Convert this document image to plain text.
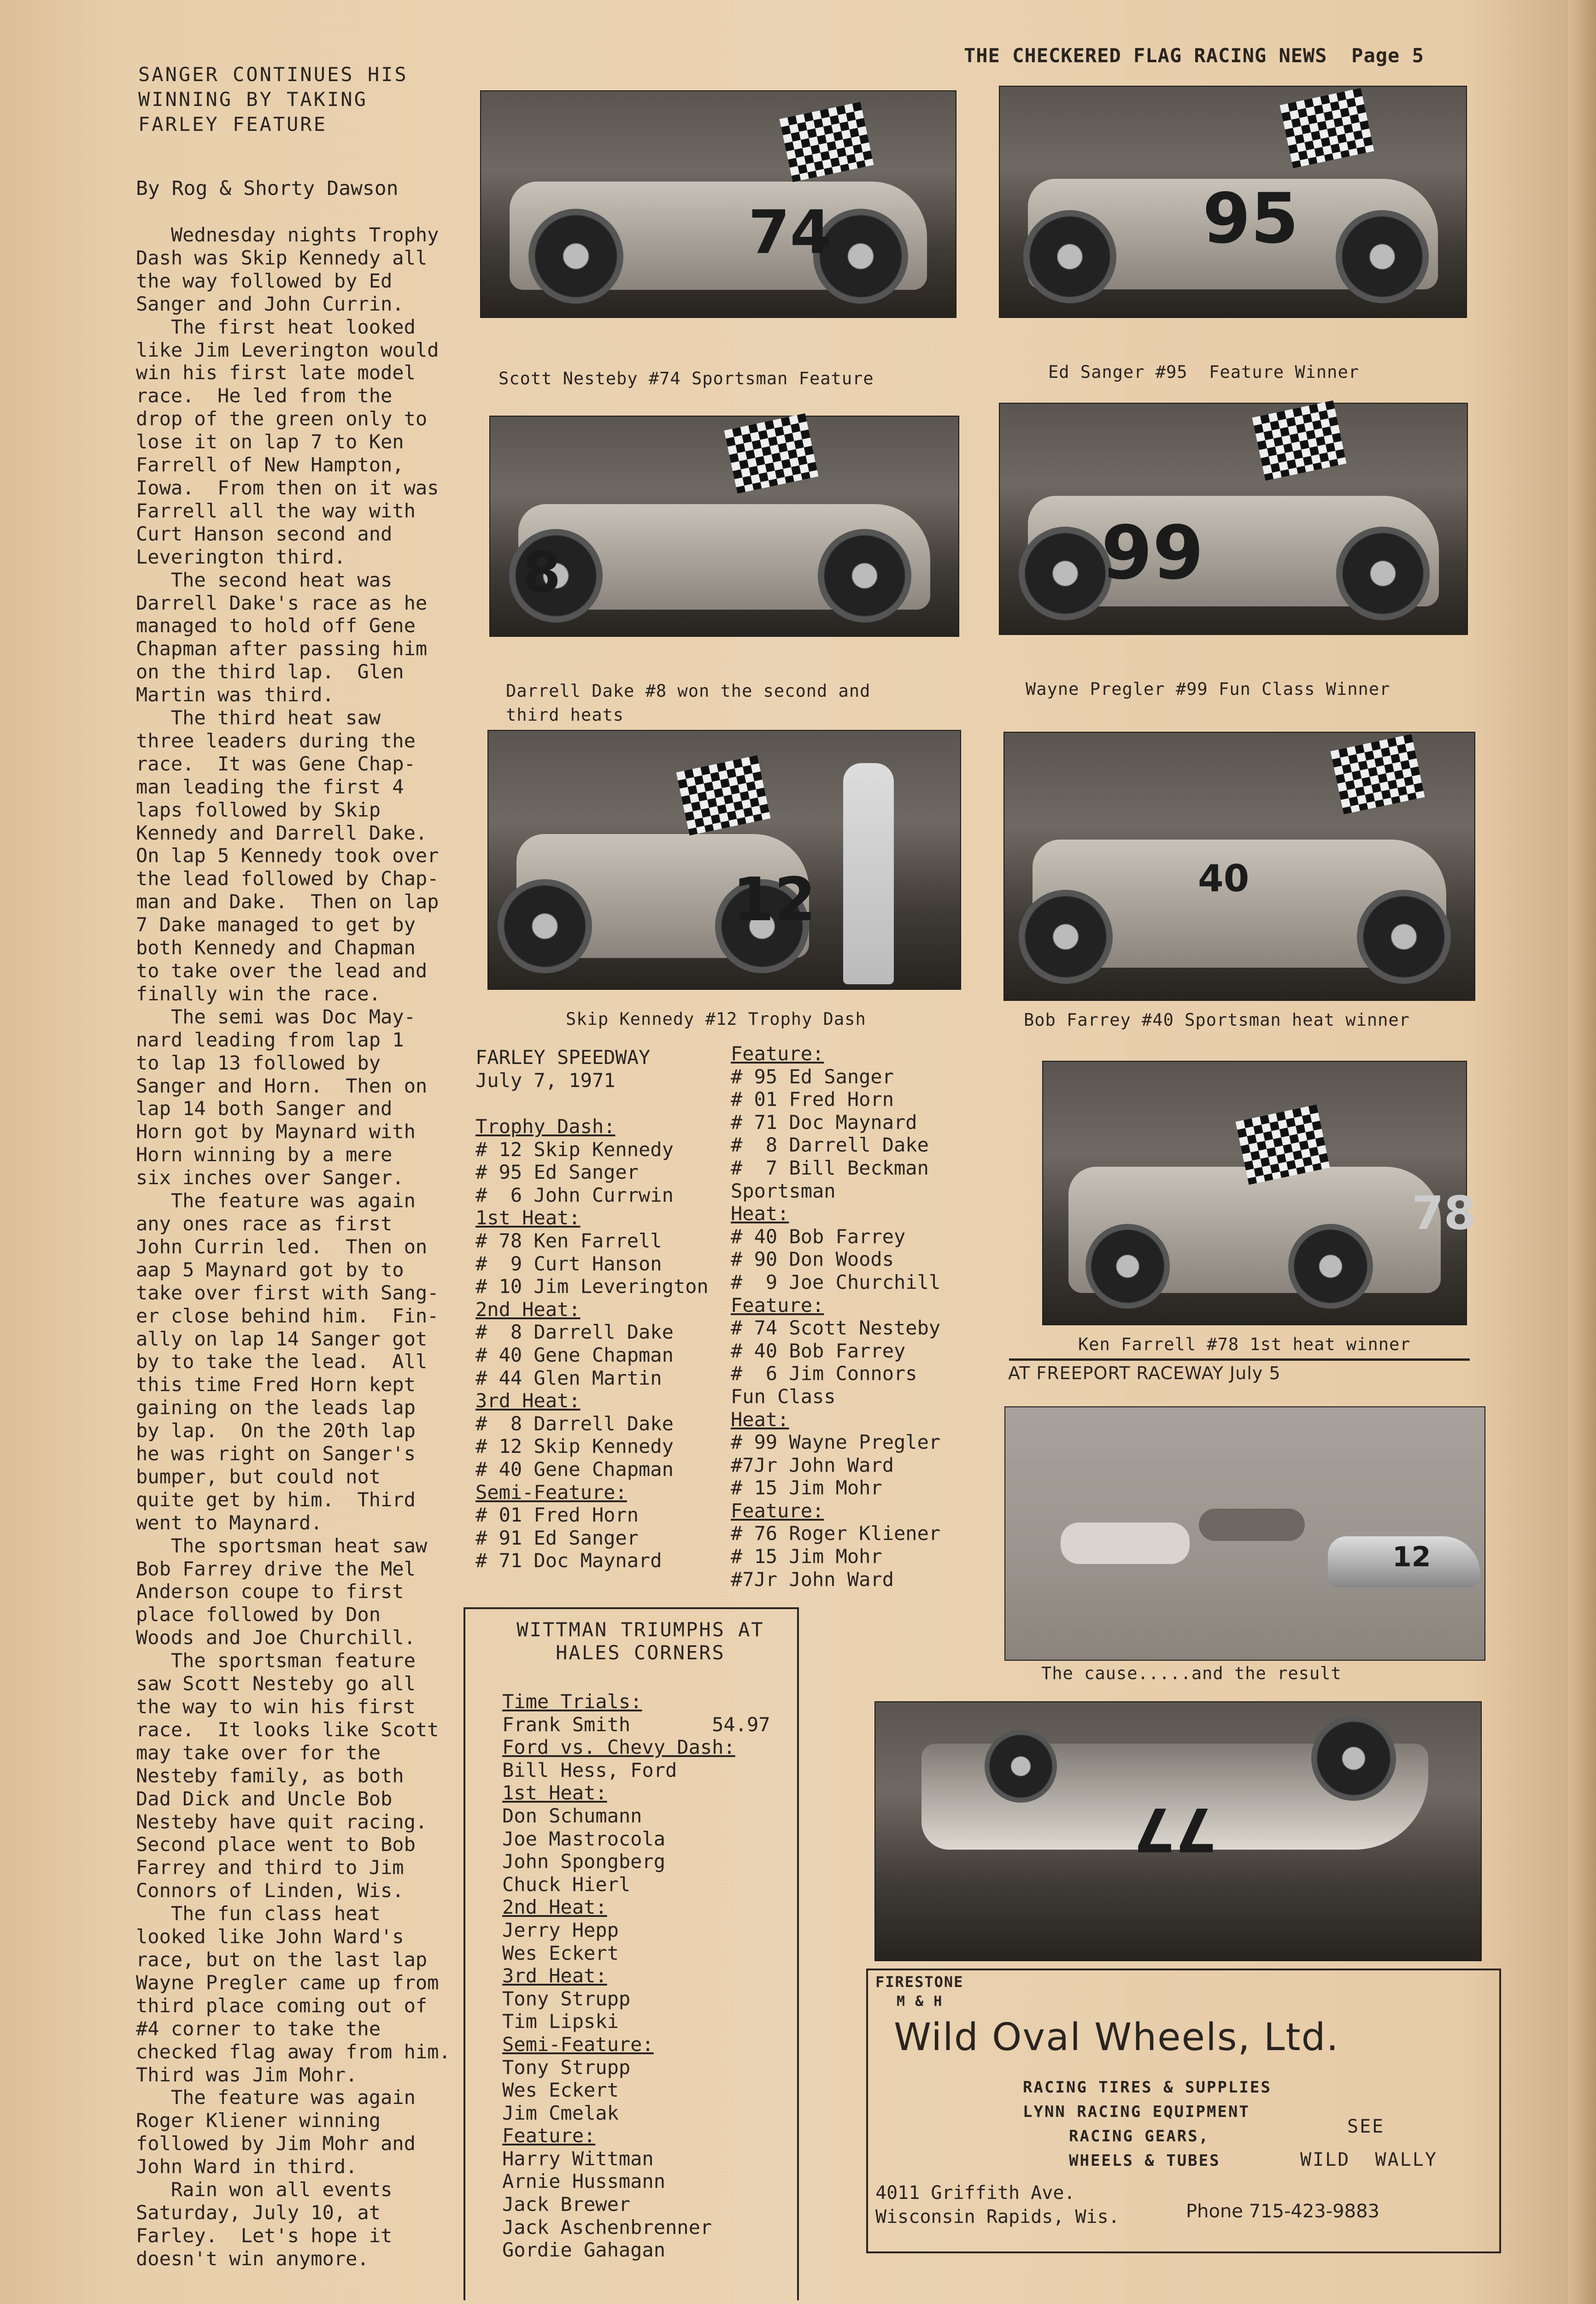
THE CHECKERED FLAG RACING NEWS  Page 5
SANGER CONTINUES HIS
WINNING BY TAKING
FARLEY FEATURE
By Rog & Shorty Dawson
Wednesday nights Trophy
Dash was Skip Kennedy all
the way followed by Ed
Sanger and John Currin.
The first heat looked
like Jim Leverington would
win his first late model
race.  He led from the
drop of the green only to
lose it on lap 7 to Ken
Farrell of New Hampton,
Iowa.  From then on it was
Farrell all the way with
Curt Hanson second and
Leverington third.
The second heat was
Darrell Dake's race as he
managed to hold off Gene
Chapman after passing him
on the third lap.  Glen
Martin was third.
The third heat saw
three leaders during the
race.  It was Gene Chap-
man leading the first 4
laps followed by Skip
Kennedy and Darrell Dake.
On lap 5 Kennedy took over
the lead followed by Chap-
man and Dake.  Then on lap
7 Dake managed to get by
both Kennedy and Chapman
to take over the lead and
finally win the race.
The semi was Doc May-
nard leading from lap 1
to lap 13 followed by
Sanger and Horn.  Then on
lap 14 both Sanger and
Horn got by Maynard with
Horn winning by a mere
six inches over Sanger.
The feature was again
any ones race as first
John Currin led.  Then on
aap 5 Maynard got by to
take over first with Sang-
er close behind him.  Fin-
ally on lap 14 Sanger got
by to take the lead.  All
this time Fred Horn kept
gaining on the leads lap
by lap.  On the 20th lap
he was right on Sanger's
bumper, but could not
quite get by him.  Third
went to Maynard.
The sportsman heat saw
Bob Farrey drive the Mel
Anderson coupe to first
place followed by Don
Woods and Joe Churchill.
The sportsman feature
saw Scott Nesteby go all
the way to win his first
race.  It looks like Scott
may take over for the
Nesteby family, as both
Dad Dick and Uncle Bob
Nesteby have quit racing.
Second place went to Bob
Farrey and third to Jim
Connors of Linden, Wis.
The fun class heat
looked like John Ward's
race, but on the last lap
Wayne Pregler came up from
third place coming out of
#4 corner to take the
checked flag away from him.
Third was Jim Mohr.
The feature was again
Roger Kliener winning
followed by Jim Mohr and
John Ward in third.
Rain won all events
Saturday, July 10, at
Farley.  Let's hope it
doesn't win anymore.
74
Scott Nesteby #74 Sportsman Feature
95
Ed Sanger #95  Feature Winner
8
Darrell Dake #8 won the second and
third heats
99
Wayne Pregler #99 Fun Class Winner
12
Skip Kennedy #12 Trophy Dash
40
Bob Farrey #40 Sportsman heat winner
78
Ken Farrell #78 1st heat winner
AT FREEPORT RACEWAY July 5
12
The cause.....and the result
77
FARLEY SPEEDWAY
July 7, 1971
Trophy Dash:
# 12 Skip Kennedy
# 95 Ed Sanger
#  6 John Currwin
1st Heat:
# 78 Ken Farrell
#  9 Curt Hanson
# 10 Jim Leverington
2nd Heat:
#  8 Darrell Dake
# 40 Gene Chapman
# 44 Glen Martin
3rd Heat:
#  8 Darrell Dake
# 12 Skip Kennedy
# 40 Gene Chapman
Semi-Feature:
# 01 Fred Horn
# 91 Ed Sanger
# 71 Doc Maynard
Feature:
# 95 Ed Sanger
# 01 Fred Horn
# 71 Doc Maynard
#  8 Darrell Dake
#  7 Bill Beckman
Sportsman
Heat:
# 40 Bob Farrey
# 90 Don Woods
#  9 Joe Churchill
Feature:
# 74 Scott Nesteby
# 40 Bob Farrey
#  6 Jim Connors
Fun Class
Heat:
# 99 Wayne Pregler
#7Jr John Ward
# 15 Jim Mohr
Feature:
# 76 Roger Kliener
# 15 Jim Mohr
#7Jr John Ward
WITTMAN TRIUMPHS AT
HALES CORNERS
Time Trials:
Frank Smith       54.97
Ford vs. Chevy Dash:
Bill Hess, Ford
1st Heat:
Don Schumann
Joe Mastrocola
John Spongberg
Chuck Hierl
2nd Heat:
Jerry Hepp
Wes Eckert
3rd Heat:
Tony Strupp
Tim Lipski
Semi-Feature:
Tony Strupp
Wes Eckert
Jim Cmelak
Feature:
Harry Wittman
Arnie Hussmann
Jack Brewer
Jack Aschenbrenner
Gordie Gahagan
FIRESTONE
M & H
Wild Oval Wheels, Ltd.
RACING TIRES & SUPPLIES
LYNN RACING EQUIPMENT
RACING GEARS,
WHEELS & TUBES
SEE
WILD  WALLY
4011 Griffith Ave.
Wisconsin Rapids, Wis.	Phone 715-423-9883
